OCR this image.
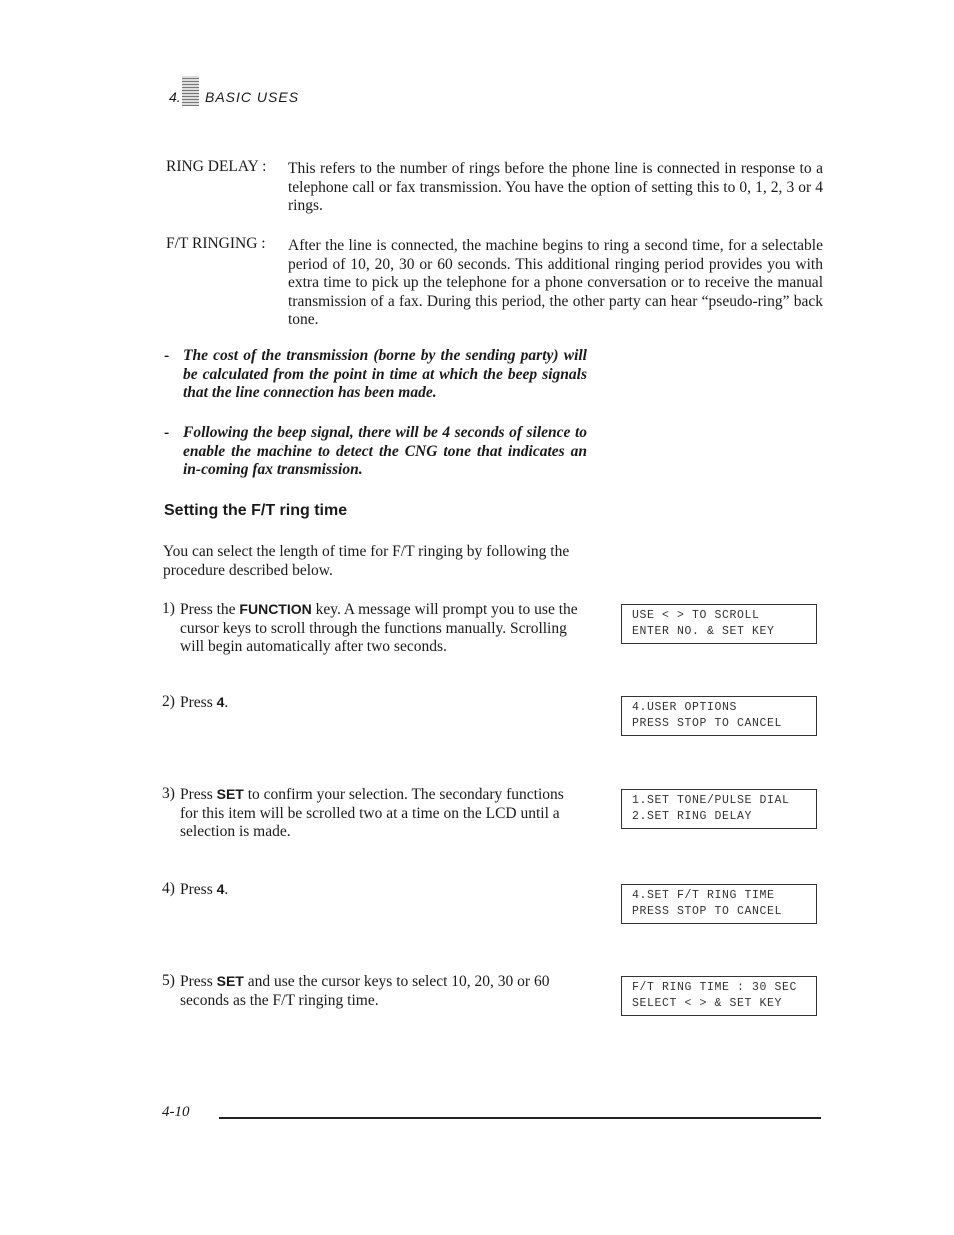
4. BASIC USES
RING DELAY : This refers to the number of rings before the phone line is connected in response to a telephone call or fax transmission. You have the option of setting this to 0, 1, 2, 3 or 4 rings.
F/T RINGING : After the line is connected, the machine begins to ring a second time, for a selectable period of 10, 20, 30 or 60 seconds. This additional ringing period provides you with extra time to pick up the telephone for a phone conversation or to receive the manual transmission of a fax. During this period, the other party can hear “pseudo-ring” back tone.
- The cost of the transmission (borne by the sending party) will be calculated from the point in time at which the beep signals that the line connection has been made.
- Following the beep signal, there will be 4 seconds of silence to enable the machine to detect the CNG tone that indicates an in-coming fax transmission.
Setting the F/T ring time
You can select the length of time for F/T ringing by following the procedure described below.
1) Press the FUNCTION key. A message will prompt you to use the cursor keys to scroll through the functions manually. Scrolling will begin automatically after two seconds.
USE < > TO SCROLL
ENTER NO. & SET KEY
2) Press 4.	4.USER OPTIONS
PRESS STOP TO CANCEL
3) Press SET to confirm your selection. The secondary functions for this item will be scrolled two at a time on the LCD until a selection is made.
1.SET TONE/PULSE DIAL
2.SET RING DELAY
4) Press 4.	4.SET F/T RING TIME
PRESS STOP TO CANCEL
5) Press SET and use the cursor keys to select 10, 20, 30 or 60 seconds as the F/T ringing time.
F/T RING TIME : 30 SEC
SELECT < > & SET KEY
4-10
